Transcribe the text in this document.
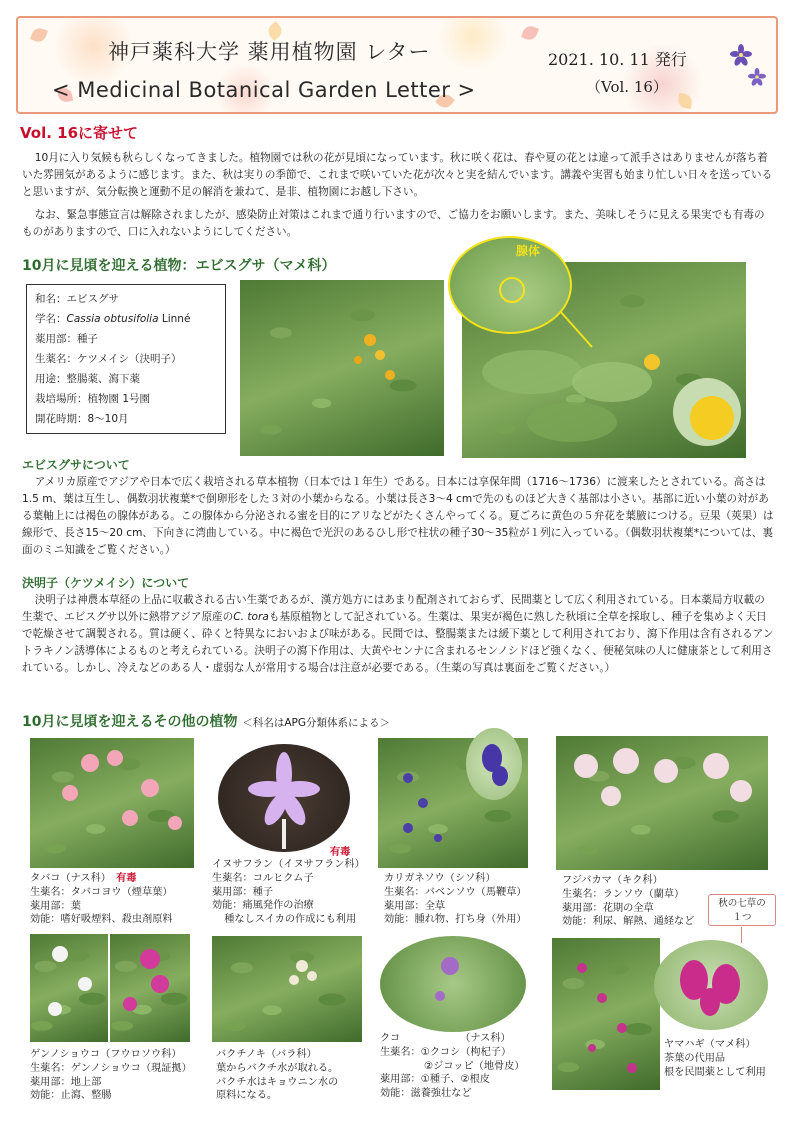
神戸薬科大学 薬用植物園 レター
< Medicinal Botanical Garden Letter >
2021. 10. 11 発行
（Vol. 16）
Vol. 16に寄せて

10月に入り気候も秋らしくなってきました。植物園では秋の花が見頃になっています。秋に咲く花は、春や夏の花とは違って派手さはありませんが落ち着いた雰囲気があるように感じます。また、秋は実りの季節で、これまで咲いていた花が次々と実を結んでいます。講義や実習も始まり忙しい日々を送っていると思いますが、気分転換と運動不足の解消を兼ねて、是非、植物園にお越し下さい。

なお、緊急事態宣言は解除されましたが、感染防止対策はこれまで通り行いますので、ご協力をお願いします。また、美味しそうに見える果実でも有毒のものがありますので、口に入れないようにしてください。

10月に見頃を迎える植物：エビスグサ（マメ科）
和名：エビスグサ
学名：Cassia obtusifolia Linné
薬用部：種子
生薬名：ケツメイシ（決明子）
用途：整腸薬、瀉下薬
栽培場所：植物園 1号園
開花時期：8～10月
腺体
エビスグサについて

アメリカ原産でアジアや日本で広く栽培される草本植物（日本では１年生）である。日本には享保年間（1716～1736）に渡来したとされている。高さは1.5 m、葉は互生し、偶数羽状複葉*で倒卵形をした３対の小葉からなる。小葉は長さ3～4 cmで先のものほど大きく基部は小さい。基部に近い小葉の対がある葉軸上には褐色の腺体がある。この腺体から分泌される蜜を目的にアリなどがたくさんやってくる。夏ごろに黄色の５弁花を葉腋につける。豆果（莢果）は線形で、長さ15～20 cm、下向きに湾曲している。中に褐色で光沢のあるひし形で柱状の種子30～35粒が１列に入っている。（偶数羽状複葉*については、裏面のミニ知識をご覧ください。）

決明子（ケツメイシ）について

決明子は神農本草経の上品に収載される古い生薬であるが、漢方処方にはあまり配剤されておらず、民間薬として広く利用されている。日本薬局方収載の生薬で、エビスグサ以外に熱帯アジア原産のC. toraも基原植物として記されている。生薬は、果実が褐色に熟した秋頃に全草を採取し、種子を集めよく天日で乾燥させて調製される。質は硬く、砕くと特異なにおいおよび味がある。民間では、整腸薬または緩下薬として利用されており、瀉下作用は含有されるアントラキノン誘導体によるものと考えられている。決明子の瀉下作用は、大黄やセンナに含まれるセンノシドほど強くなく、便秘気味の人に健康茶として利用されている。しかし、冷えなどのある人・虚弱な人が常用する場合は注意が必要である。（生薬の写真は裏面をご覧ください。）

10月に見頃を迎えるその他の植物 ＜科名はAPG分類体系による＞
タバコ（ナス科）　 有毒
生薬名：タバコヨウ（煙草葉）
薬用部：葉
効能：嗜好吸煙料、殺虫剤原料
有毒
イヌサフラン（イヌサフラン科）
生薬名：コルヒクム子
薬用部：種子
効能：痛風発作の治療
種なしスイカの作成にも利用
カリガネソウ（シソ科）
生薬名：バベンソウ（馬鞭草）
薬用部：全草
効能：腫れ物、打ち身（外用）
フジバカマ（キク科）
生薬名：ランソウ（蘭草）
薬用部：花期の全草
効能：利尿、解熱、通経など
秋の七草の
１つ
ゲンノショウコ（フウロソウ科）
生薬名：ゲンノショウコ（現証拠）
薬用部：地上部
効能：止瀉、整腸
バクチノキ（バラ科）
葉からバクチ水が取れる。
バクチ水はキョウニン水の
原料になる。
クコ	（ナス科）
生薬名：①クコシ（枸杞子）
②ジコッピ（地骨皮）
薬用部：①種子、②根皮
効能：滋養強壮など
ヤマハギ（マメ科）
茶葉の代用品
根を民間薬として利用
